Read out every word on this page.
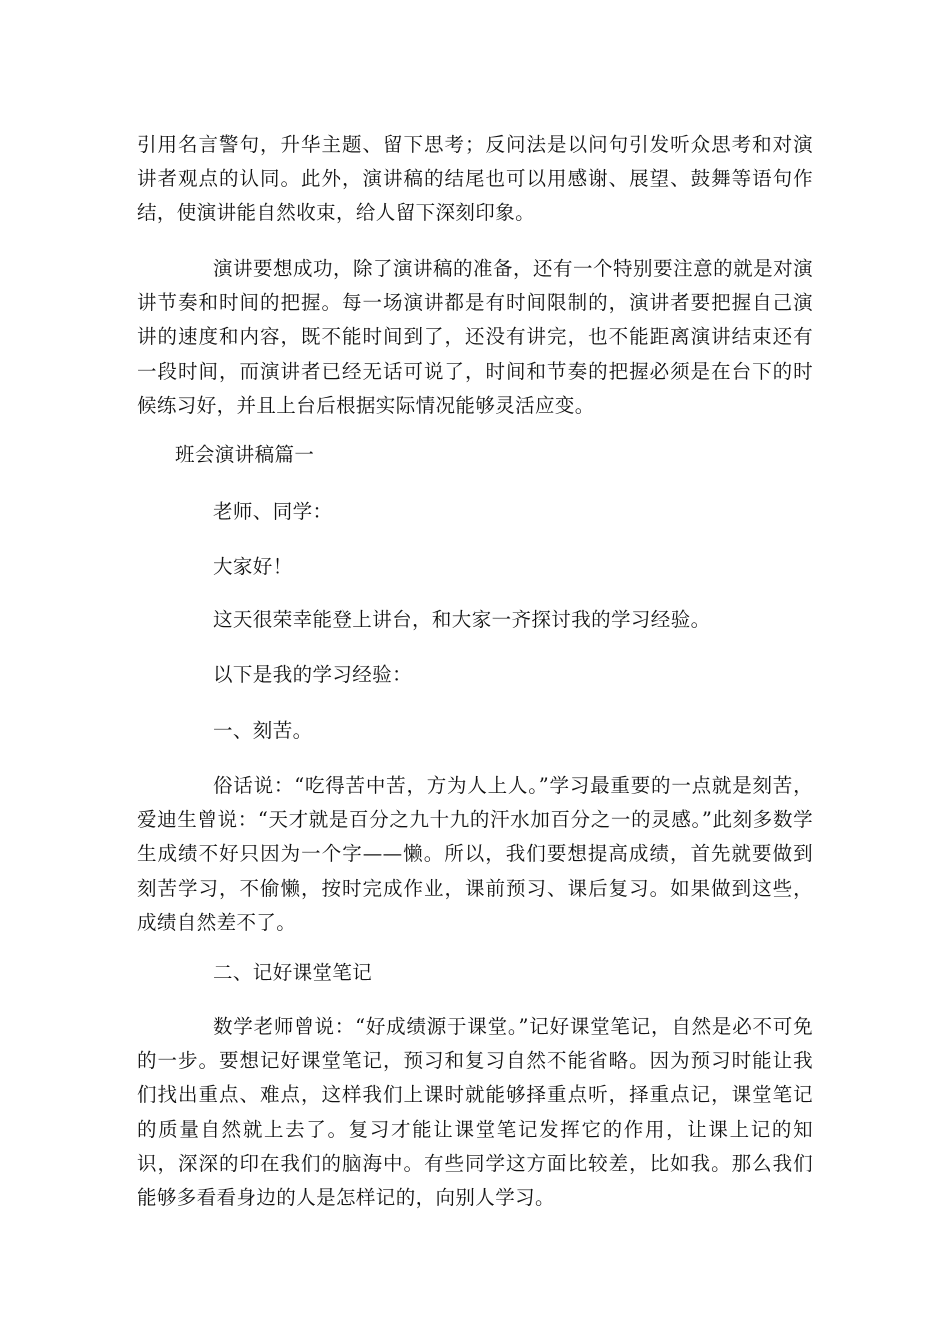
引用名言警句，升华主题、留下思考；反问法是以问句引发听众思考和对演讲者观点的认同。此外，演讲稿的结尾也可以用感谢、展望、鼓舞等语句作结，使演讲能自然收束，给人留下深刻印象。

演讲要想成功，除了演讲稿的准备，还有一个特别要注意的就是对演讲节奏和时间的把握。每一场演讲都是有时间限制的，演讲者要把握自己演讲的速度和内容，既不能时间到了，还没有讲完，也不能距离演讲结束还有一段时间，而演讲者已经无话可说了，时间和节奏的把握必须是在台下的时候练习好，并且上台后根据实际情况能够灵活应变。

班会演讲稿篇一

老师、同学：

大家好！

这天很荣幸能登上讲台，和大家一齐探讨我的学习经验。

以下是我的学习经验：

一、刻苦。

俗话说：“吃得苦中苦，方为人上人。”学习最重要的一点就是刻苦，爱迪生曾说：“天才就是百分之九十九的汗水加百分之一的灵感。”此刻多数学生成绩不好只因为一个字——懒。所以，我们要想提高成绩，首先就要做到刻苦学习，不偷懒，按时完成作业，课前预习、课后复习。如果做到这些，成绩自然差不了。

二、记好课堂笔记

数学老师曾说：“好成绩源于课堂。”记好课堂笔记，自然是必不可免的一步。要想记好课堂笔记，预习和复习自然不能省略。因为预习时能让我们找出重点、难点，这样我们上课时就能够择重点听，择重点记，课堂笔记的质量自然就上去了。复习才能让课堂笔记发挥它的作用，让课上记的知识，深深的印在我们的脑海中。有些同学这方面比较差，比如我。那么我们能够多看看身边的人是怎样记的，向别人学习。
